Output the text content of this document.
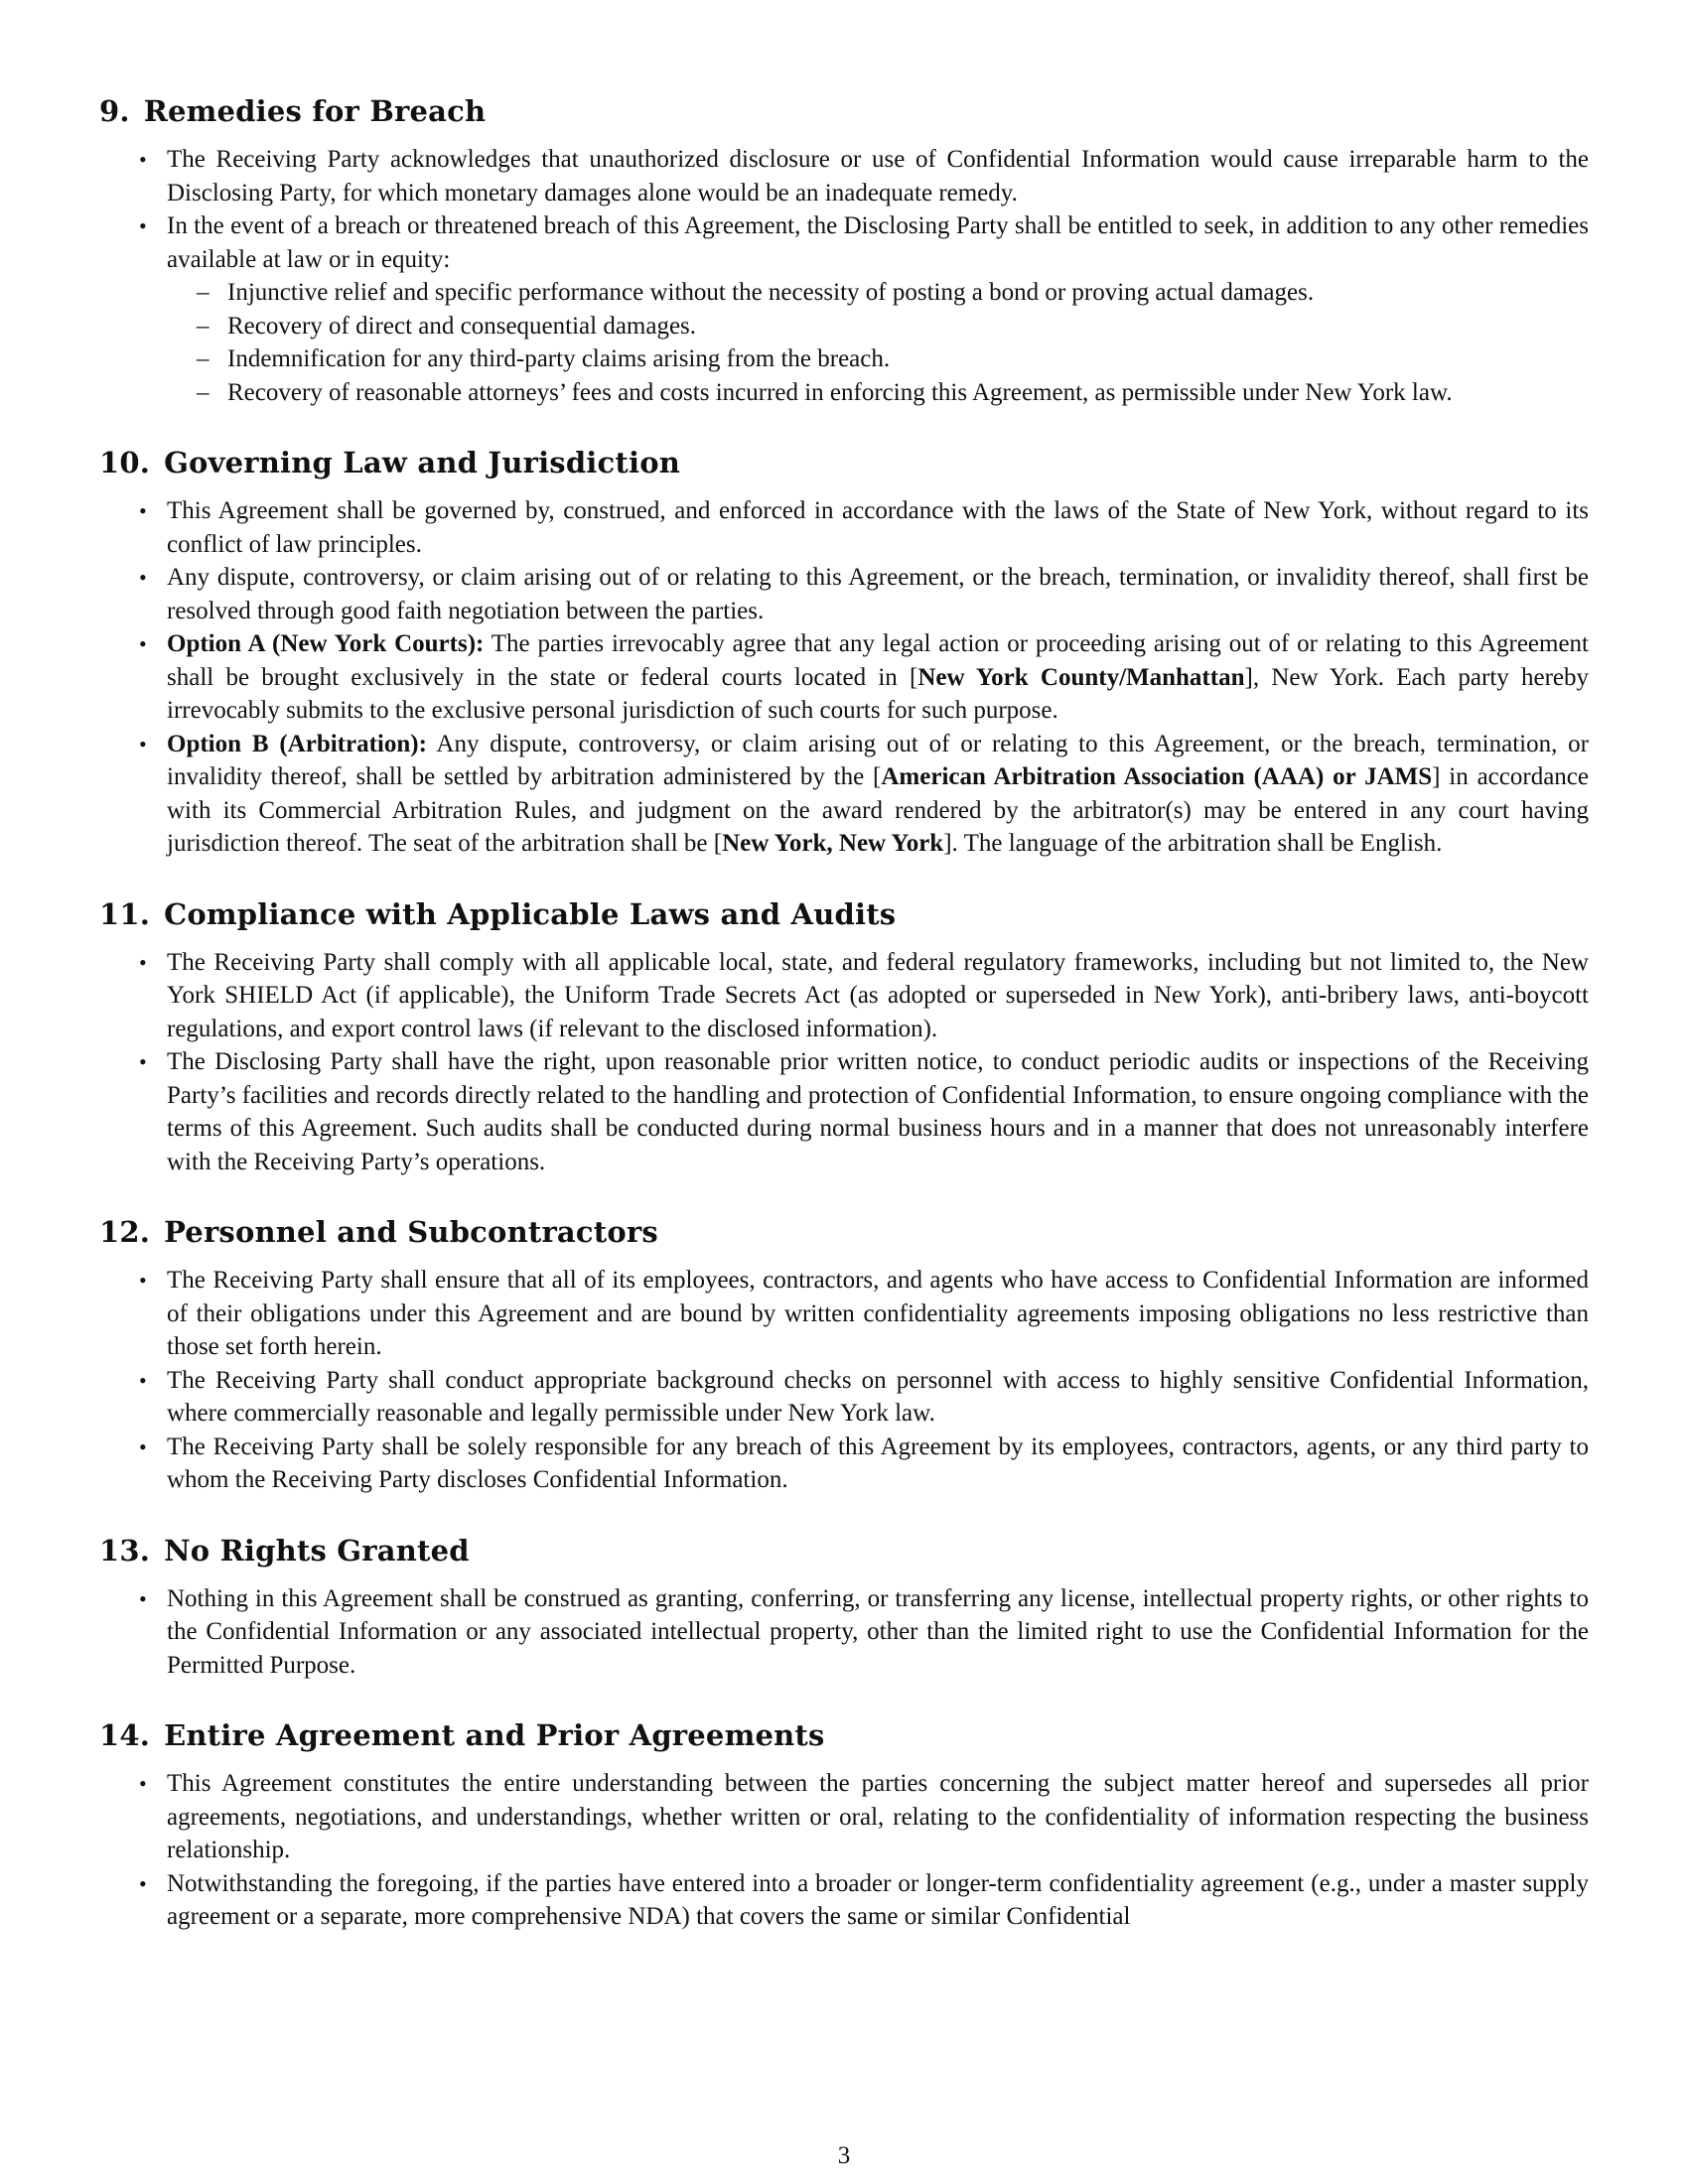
9. Remedies for Breach
• The Receiving Party acknowledges that unauthorized disclosure or use of Confidential Information would cause irreparable harm to the Disclosing Party, for which monetary damages alone would be an inadequate remedy.
• In the event of a breach or threatened breach of this Agreement, the Disclosing Party shall be entitled to seek, in addition to any other remedies available at law or in equity:
– Injunctive relief and specific performance without the necessity of posting a bond or proving actual damages.
– Recovery of direct and consequential damages.
– Indemnification for any third-party claims arising from the breach.
– Recovery of reasonable attorneys’ fees and costs incurred in enforcing this Agreement, as permissible under New York law.
10. Governing Law and Jurisdiction
• This Agreement shall be governed by, construed, and enforced in accordance with the laws of the State of New York, without regard to its conflict of law principles.
• Any dispute, controversy, or claim arising out of or relating to this Agreement, or the breach, termination, or invalidity thereof, shall first be resolved through good faith negotiation between the parties.
• Option A (New York Courts): The parties irrevocably agree that any legal action or proceeding arising out of or relating to this Agreement shall be brought exclusively in the state or federal courts located in [New York County/Manhattan], New York. Each party hereby irrevocably submits to the exclusive personal jurisdiction of such courts for such purpose.
• Option B (Arbitration): Any dispute, controversy, or claim arising out of or relating to this Agreement, or the breach, termination, or invalidity thereof, shall be settled by arbitration administered by the [American Arbitration Association (AAA) or JAMS] in accordance with its Commercial Arbitration Rules, and judgment on the award rendered by the arbitrator(s) may be entered in any court having jurisdiction thereof. The seat of the arbitration shall be [New York, New York]. The language of the arbitration shall be English.
11. Compliance with Applicable Laws and Audits
• The Receiving Party shall comply with all applicable local, state, and federal regulatory frameworks, including but not limited to, the New York SHIELD Act (if applicable), the Uniform Trade Secrets Act (as adopted or superseded in New York), anti-bribery laws, anti-boycott regulations, and export control laws (if relevant to the disclosed information).
• The Disclosing Party shall have the right, upon reasonable prior written notice, to conduct periodic audits or inspections of the Receiving Party’s facilities and records directly related to the handling and protection of Confidential Information, to ensure ongoing compliance with the terms of this Agreement. Such audits shall be conducted during normal business hours and in a manner that does not unreasonably interfere with the Receiving Party’s operations.
12. Personnel and Subcontractors
• The Receiving Party shall ensure that all of its employees, contractors, and agents who have access to Confidential Information are informed of their obligations under this Agreement and are bound by written confidentiality agreements imposing obligations no less restrictive than those set forth herein.
• The Receiving Party shall conduct appropriate background checks on personnel with access to highly sensitive Confidential Information, where commercially reasonable and legally permissible under New York law.
• The Receiving Party shall be solely responsible for any breach of this Agreement by its employees, contractors, agents, or any third party to whom the Receiving Party discloses Confidential Information.
13. No Rights Granted
• Nothing in this Agreement shall be construed as granting, conferring, or transferring any license, intellectual property rights, or other rights to the Confidential Information or any associated intellectual property, other than the limited right to use the Confidential Information for the Permitted Purpose.
14. Entire Agreement and Prior Agreements
• This Agreement constitutes the entire understanding between the parties concerning the subject matter hereof and supersedes all prior agreements, negotiations, and understandings, whether written or oral, relating to the confidentiality of information respecting the business relationship.
• Notwithstanding the foregoing, if the parties have entered into a broader or longer-term confidentiality agreement (e.g., under a master supply agreement or a separate, more comprehensive NDA) that covers the same or similar Confidential
3
